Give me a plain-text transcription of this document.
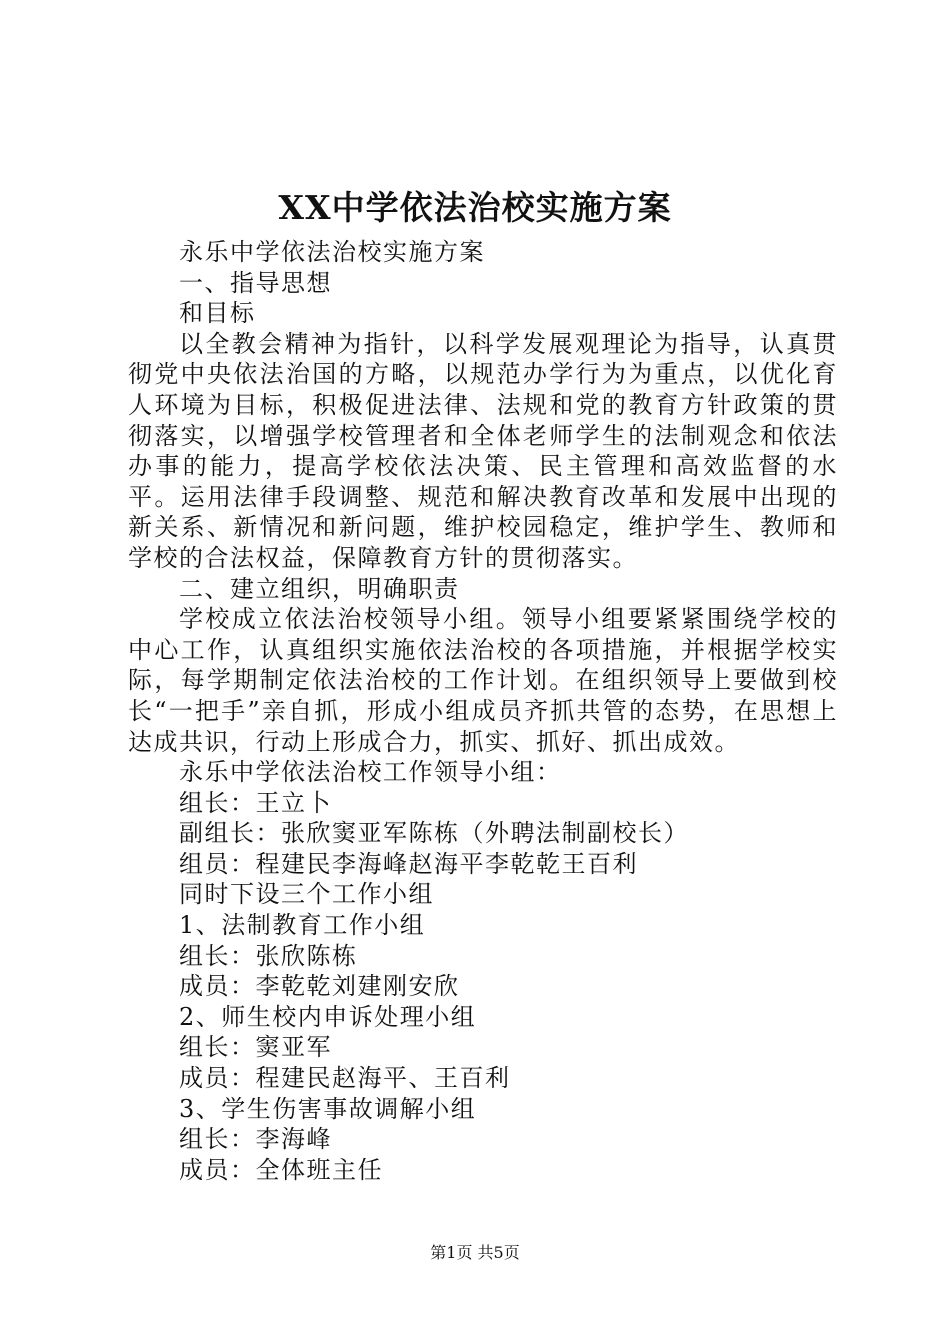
XX中学依法治校实施方案

永乐中学依法治校实施方案

一、指导思想

和目标

以全教会精神为指针，以科学发展观理论为指导，认真贯彻党中央依法治国的方略，以规范办学行为为重点，以优化育人环境为目标，积极促进法律、法规和党的教育方针政策的贯彻落实，以增强学校管理者和全体老师学生的法制观念和依法办事的能力，提高学校依法决策、民主管理和高效监督的水平。运用法律手段调整、规范和解决教育改革和发展中出现的新关系、新情况和新问题，维护校园稳定，维护学生、教师和学校的合法权益，保障教育方针的贯彻落实。

二、建立组织，明确职责

学校成立依法治校领导小组。领导小组要紧紧围绕学校的中心工作，认真组织实施依法治校的各项措施，并根据学校实际，每学期制定依法治校的工作计划。在组织领导上要做到校长“一把手”亲自抓，形成小组成员齐抓共管的态势，在思想上达成共识，行动上形成合力，抓实、抓好、抓出成效。

永乐中学依法治校工作领导小组：

组长：王立卜

副组长：张欣窦亚军陈栋（外聘法制副校长）

组员：程建民李海峰赵海平李乾乾王百利

同时下设三个工作小组

1、法制教育工作小组

组长：张欣陈栋

成员：李乾乾刘建刚安欣

2、师生校内申诉处理小组

组长：窦亚军

成员：程建民赵海平、王百利

3、学生伤害事故调解小组

组长：李海峰

成员：全体班主任

第1页 共5页
